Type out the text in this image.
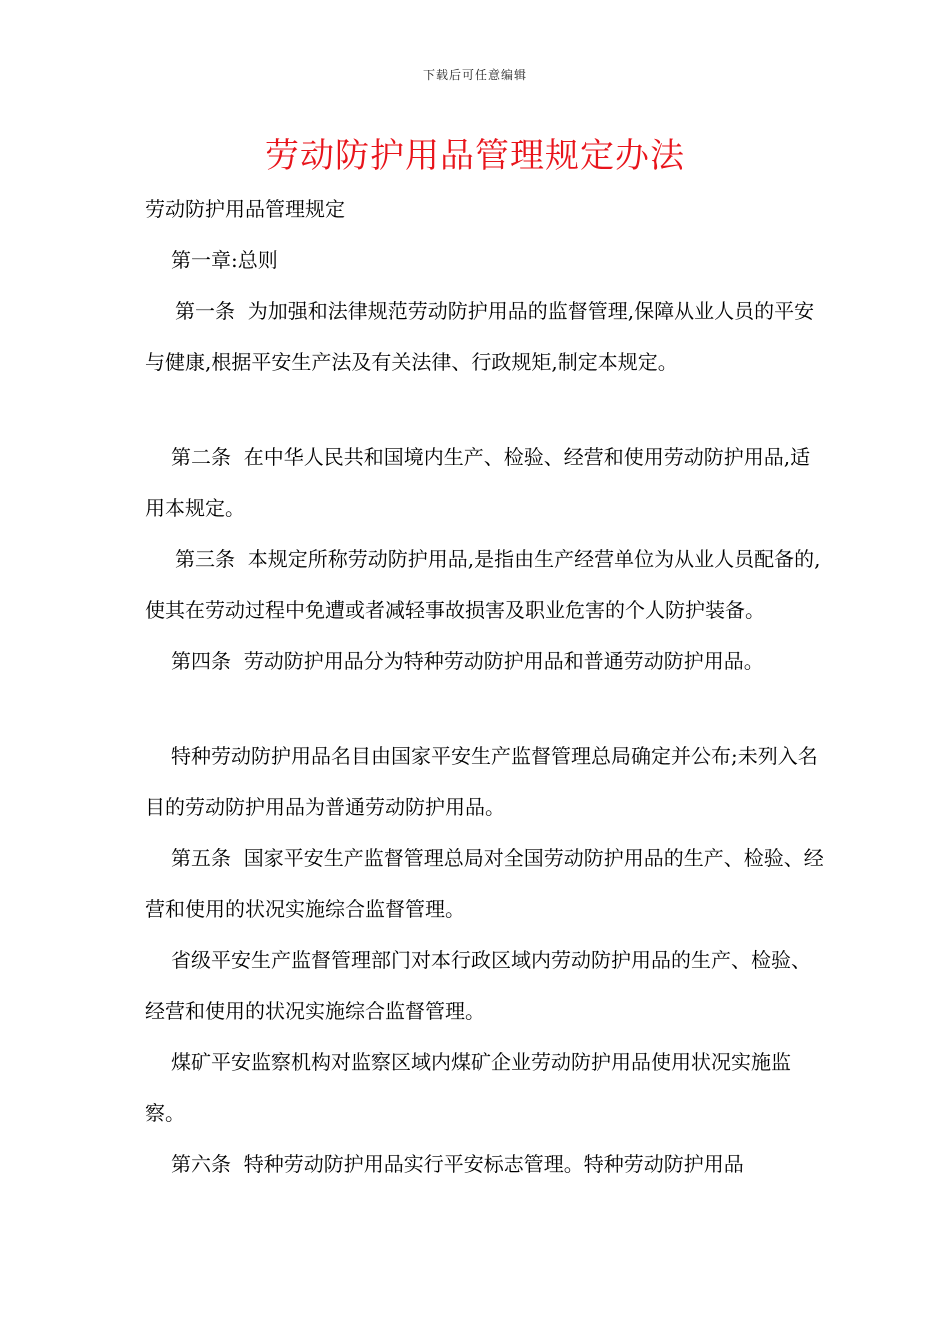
下载后可任意编辑
劳动防护用品管理规定办法

劳动防护用品管理规定

第一章:总则

第一条  为加强和法律规范劳动防护用品的监督管理,保障从业人员的平安与健康,根据平安生产法及有关法律、行政规矩,制定本规定。

第二条  在中华人民共和国境内生产、检验、经营和使用劳动防护用品,适用本规定。

第三条  本规定所称劳动防护用品,是指由生产经营单位为从业人员配备的,使其在劳动过程中免遭或者减轻事故损害及职业危害的个人防护装备。

第四条  劳动防护用品分为特种劳动防护用品和普通劳动防护用品。

特种劳动防护用品名目由国家平安生产监督管理总局确定并公布;未列入名目的劳动防护用品为普通劳动防护用品。

第五条  国家平安生产监督管理总局对全国劳动防护用品的生产、检验、经营和使用的状况实施综合监督管理。

省级平安生产监督管理部门对本行政区域内劳动防护用品的生产、检验、经营和使用的状况实施综合监督管理。

煤矿平安监察机构对监察区域内煤矿企业劳动防护用品使用状况实施监察。

第六条  特种劳动防护用品实行平安标志管理。特种劳动防护用品
